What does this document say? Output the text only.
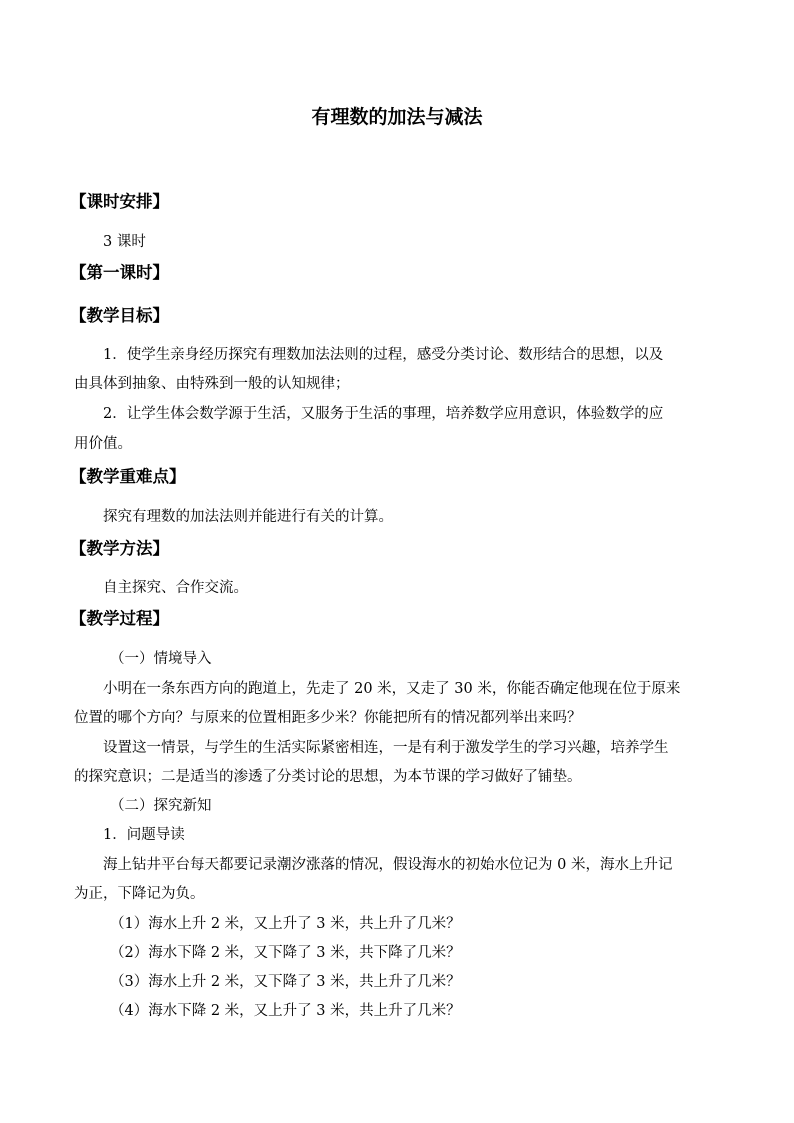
有理数的加法与减法
【课时安排】
3 课时
【第一课时】
【教学目标】
1．使学生亲身经历探究有理数加法法则的过程，感受分类讨论、数形结合的思想，以及
由具体到抽象、由特殊到一般的认知规律；
2．让学生体会数学源于生活，又服务于生活的事理，培养数学应用意识，体验数学的应
用价值。
【教学重难点】
探究有理数的加法法则并能进行有关的计算。
【教学方法】
自主探究、合作交流。
【教学过程】
（一）情境导入
小明在一条东西方向的跑道上，先走了 20 米，又走了 30 米，你能否确定他现在位于原来
位置的哪个方向？与原来的位置相距多少米？你能把所有的情况都列举出来吗？
设置这一情景，与学生的生活实际紧密相连，一是有利于激发学生的学习兴趣，培养学生
的探究意识；二是适当的渗透了分类讨论的思想，为本节课的学习做好了铺垫。
（二）探究新知
1．问题导读
海上钻井平台每天都要记录潮汐涨落的情况，假设海水的初始水位记为 0 米，海水上升记
为正，下降记为负。
（1）海水上升 2 米，又上升了 3 米，共上升了几米？
（2）海水下降 2 米，又下降了 3 米，共下降了几米？
（3）海水上升 2 米，又下降了 3 米，共上升了几米？
（4）海水下降 2 米，又上升了 3 米，共上升了几米？
